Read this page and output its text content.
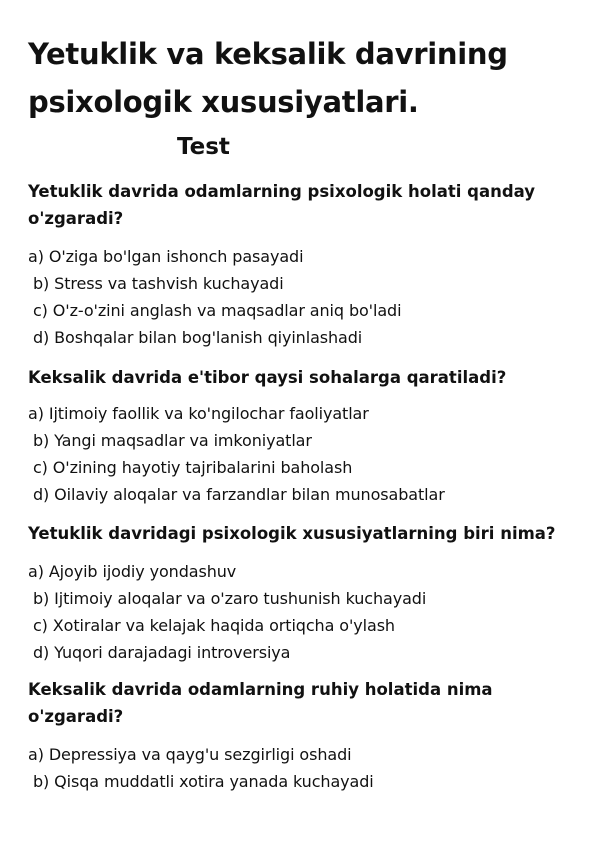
Yetuklik va keksalik davrining psixologik xususiyatlari.
Test

Yetuklik davrida odamlarning psixologik holati qanday o'zgaradi?

a) O'ziga bo'lgan ishonch pasayadi
b) Stress va tashvish kuchayadi
c) O'z-o'zini anglash va maqsadlar aniq bo'ladi
d) Boshqalar bilan bog'lanish qiyinlashadi

Keksalik davrida e'tibor qaysi sohalarga qaratiladi?

a) Ijtimoiy faollik va ko'ngilochar faoliyatlar
b) Yangi maqsadlar va imkoniyatlar
c) O'zining hayotiy tajribalarini baholash
d) Oilaviy aloqalar va farzandlar bilan munosabatlar

Yetuklik davridagi psixologik xususiyatlarning biri nima?

a) Ajoyib ijodiy yondashuv
b) Ijtimoiy aloqalar va o'zaro tushunish kuchayadi
c) Xotiralar va kelajak haqida ortiqcha o'ylash
d) Yuqori darajadagi introversiya

Keksalik davrida odamlarning ruhiy holatida nima o'zgaradi?

a) Depressiya va qayg'u sezgirligi oshadi
b) Qisqa muddatli xotira yanada kuchayadi
